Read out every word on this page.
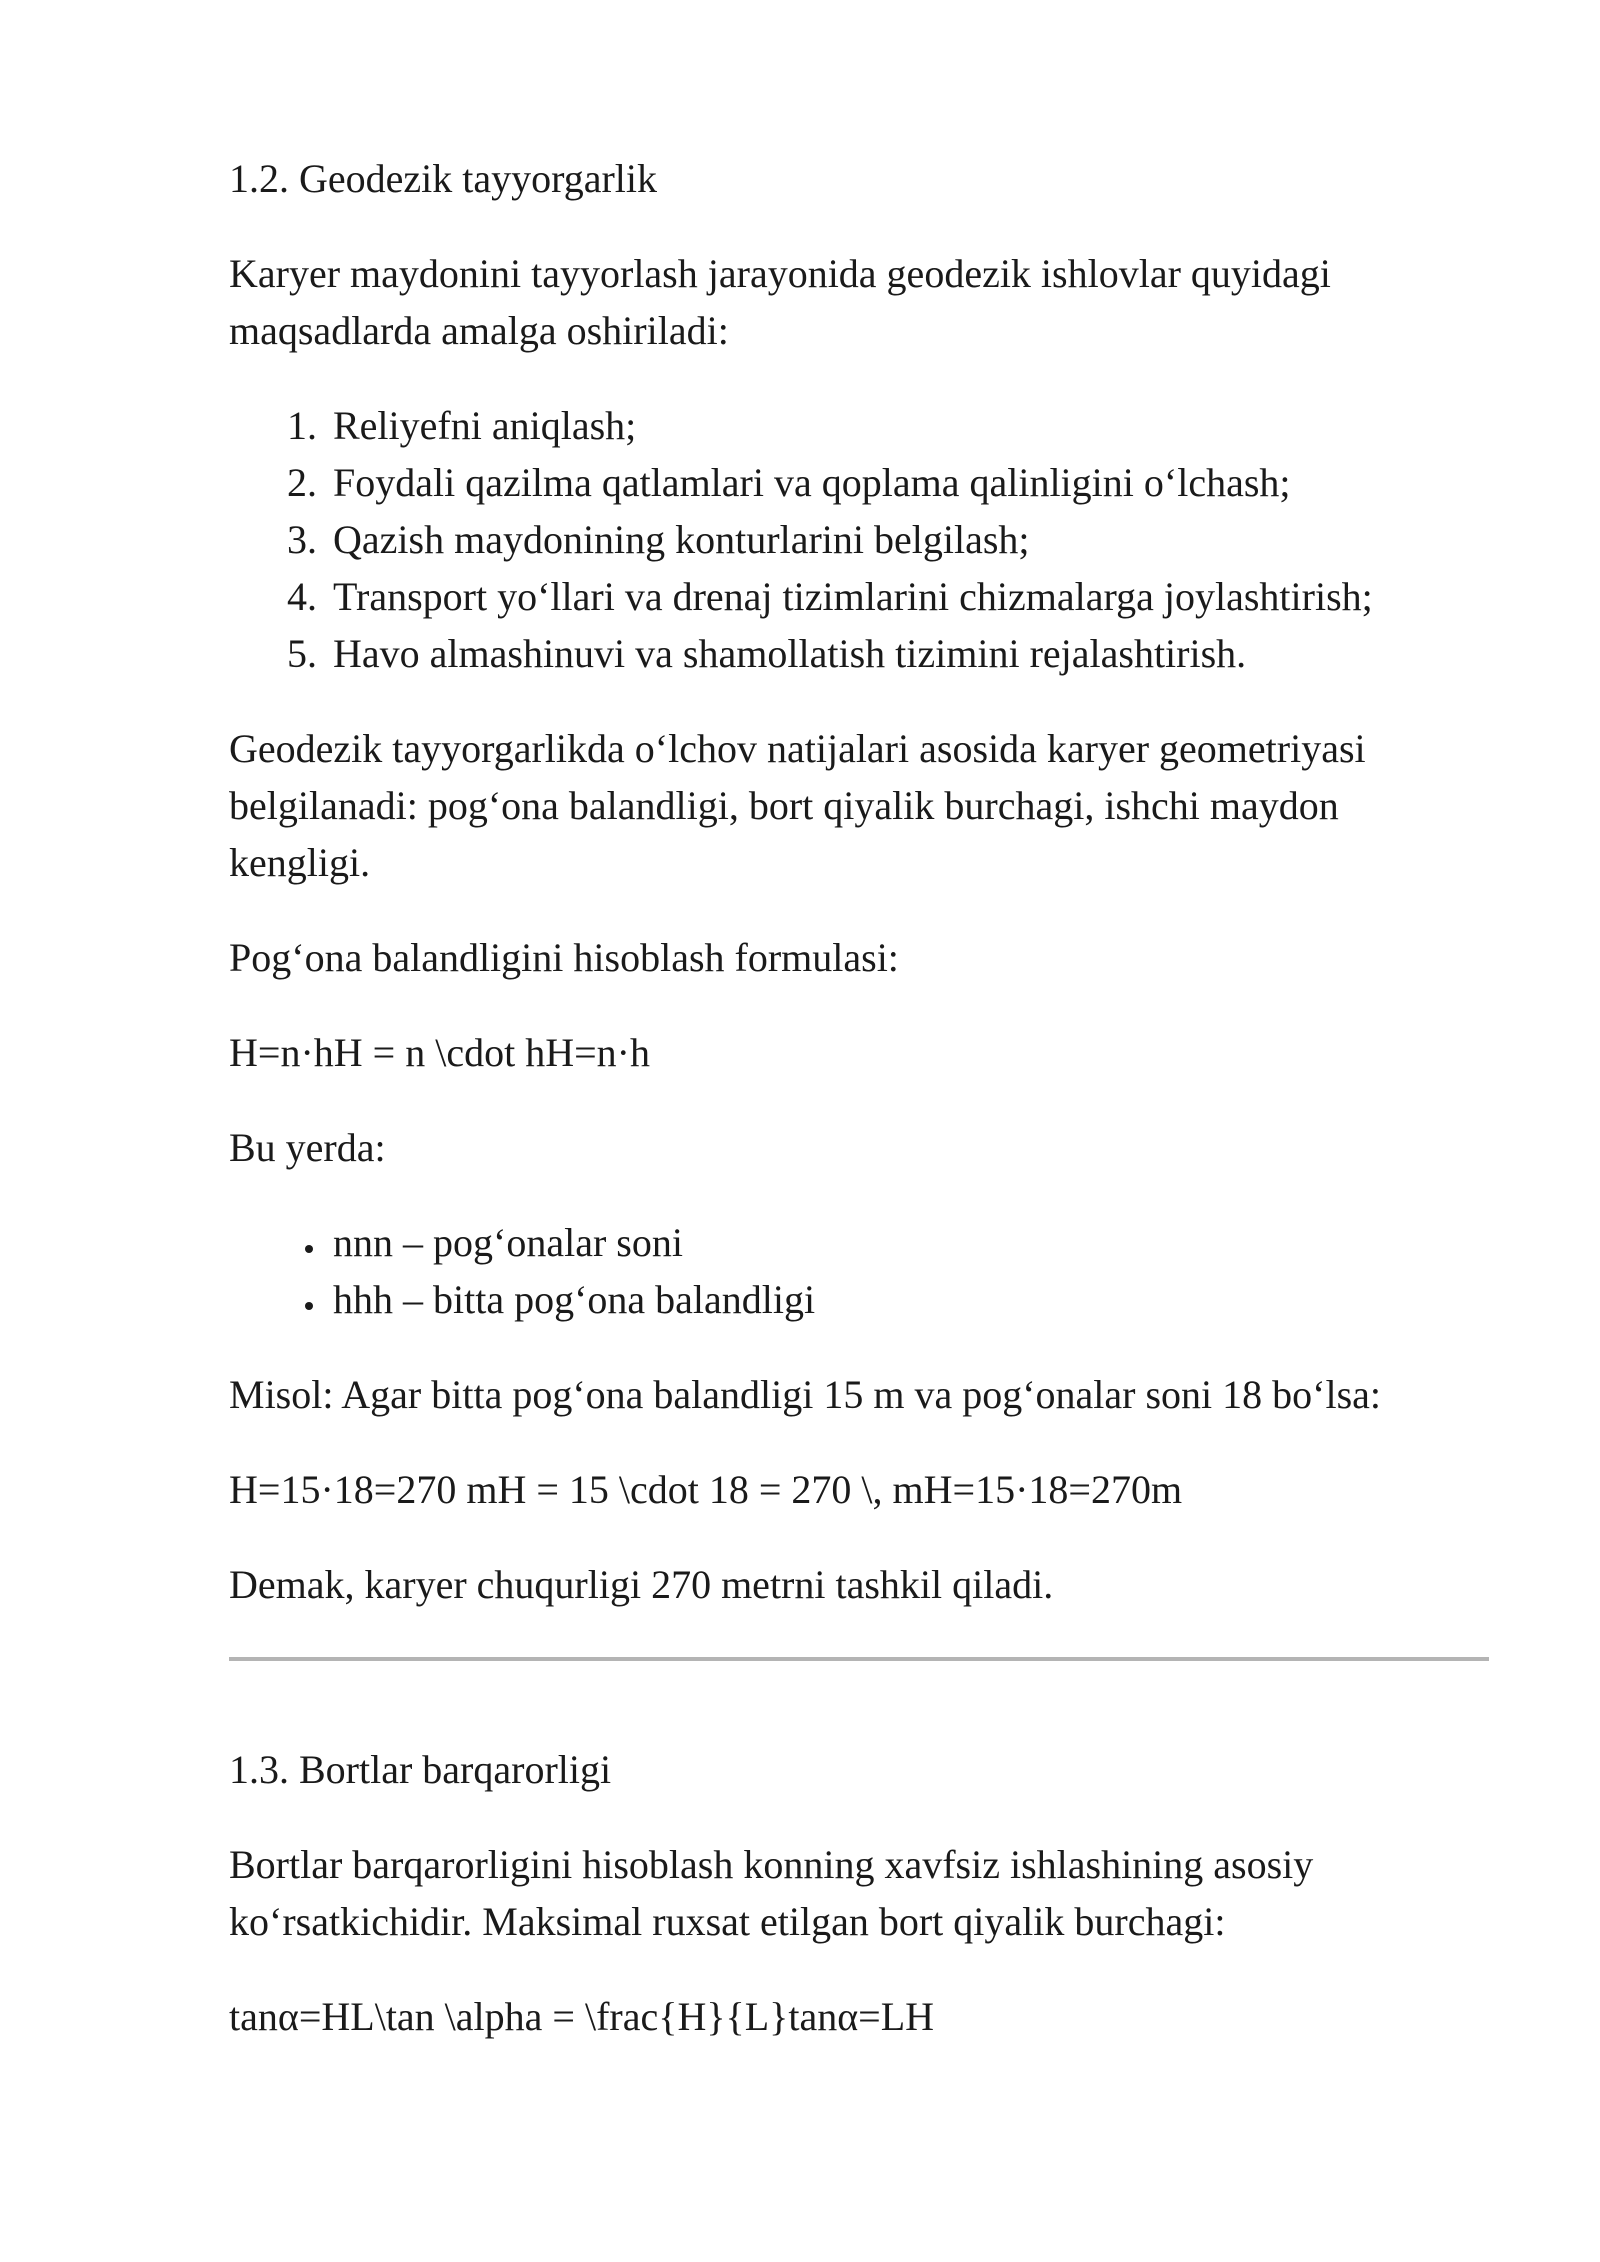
1.2. Geodezik tayyorgarlik

Karyer maydonini tayyorlash jarayonida geodezik ishlovlar quyidagi maqsadlarda amalga oshiriladi:

1. Reliyefni aniqlash;
2. Foydali qazilma qatlamlari va qoplama qalinligini o‘lchash;
3. Qazish maydonining konturlarini belgilash;
4. Transport yo‘llari va drenaj tizimlarini chizmalarga joylashtirish;
5. Havo almashinuvi va shamollatish tizimini rejalashtirish.

Geodezik tayyorgarlikda o‘lchov natijalari asosida karyer geometriyasi belgilanadi: pog‘ona balandligi, bort qiyalik burchagi, ishchi maydon kengligi.

Pog‘ona balandligini hisoblash formulasi:

H=n·hH = n \cdot hH=n·h

Bu yerda:

• nnn – pog‘onalar soni
• hhh – bitta pog‘ona balandligi

Misol: Agar bitta pog‘ona balandligi 15 m va pog‘onalar soni 18 bo‘lsa:

H=15·18=270 mH = 15 \cdot 18 = 270 \, mH=15·18=270m

Demak, karyer chuqurligi 270 metrni tashkil qiladi.

1.3. Bortlar barqarorligi

Bortlar barqarorligini hisoblash konning xavfsiz ishlashining asosiy ko‘rsatkichidir. Maksimal ruxsat etilgan bort qiyalik burchagi:

tanα=HL\tan \alpha = \frac{H}{L}tanα=LH
